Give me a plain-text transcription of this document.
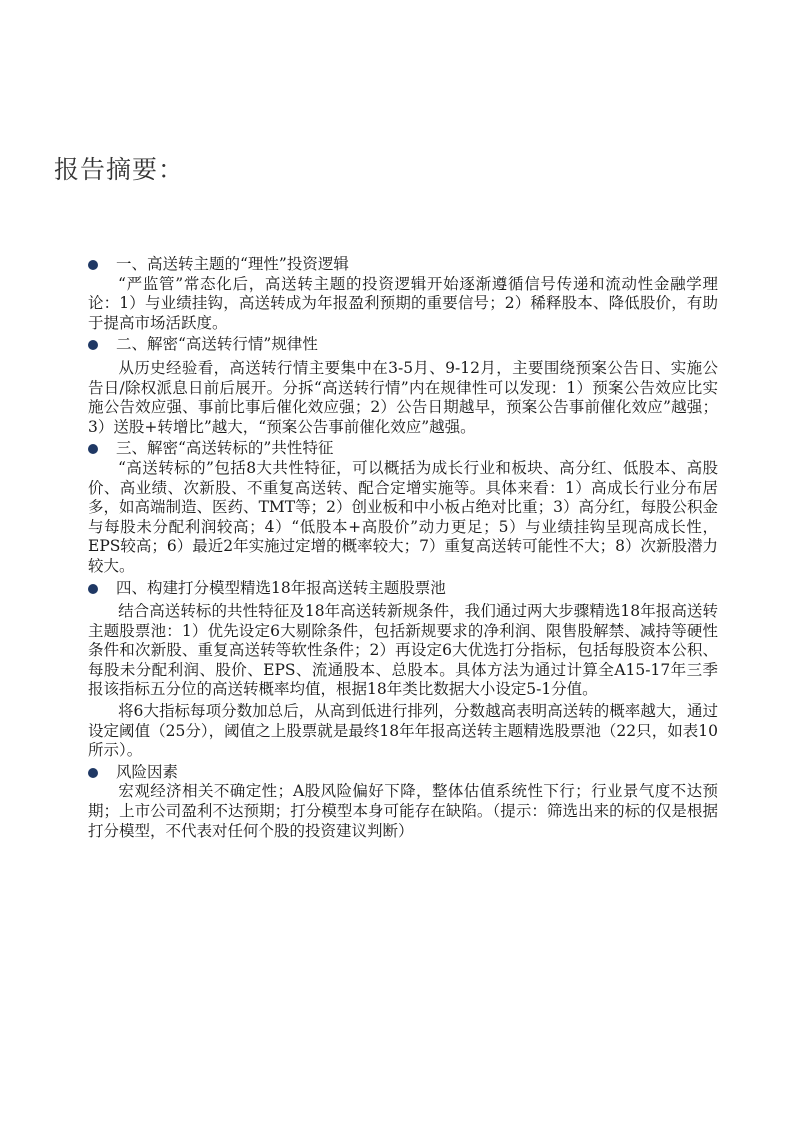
报告摘要：

一、高送转主题的“理性”投资逻辑

“严监管”常态化后，高送转主题的投资逻辑开始逐渐遵循信号传递和流动性金融学理论：1）与业绩挂钩，高送转成为年报盈利预期的重要信号；2）稀释股本、降低股价，有助于提高市场活跃度。

二、解密“高送转行情”规律性

从历史经验看，高送转行情主要集中在3-5月、9-12月，主要围绕预案公告日、实施公告日/除权派息日前后展开。分拆“高送转行情”内在规律性可以发现：1）预案公告效应比实施公告效应强、事前比事后催化效应强；2）公告日期越早，预案公告事前催化效应”越强；3）送股+转增比”越大，“预案公告事前催化效应”越强。

三、解密“高送转标的”共性特征

“高送转标的”包括8大共性特征，可以概括为成长行业和板块、高分红、低股本、高股价、高业绩、次新股、不重复高送转、配合定增实施等。具体来看：1）高成长行业分布居多，如高端制造、医药、TMT等；2）创业板和中小板占绝对比重；3）高分红，每股公积金与每股未分配利润较高；4）“低股本+高股价”动力更足；5）与业绩挂钩呈现高成长性，EPS较高；6）最近2年实施过定增的概率较大；7）重复高送转可能性不大；8）次新股潜力较大。

四、构建打分模型精选18年报高送转主题股票池

结合高送转标的共性特征及18年高送转新规条件，我们通过两大步骤精选18年报高送转主题股票池：1）优先设定6大剔除条件，包括新规要求的净利润、限售股解禁、减持等硬性条件和次新股、重复高送转等软性条件；2）再设定6大优选打分指标，包括每股资本公积、每股未分配利润、股价、EPS、流通股本、总股本。具体方法为通过计算全A15-17年三季报该指标五分位的高送转概率均值，根据18年类比数据大小设定5-1分值。

将6大指标每项分数加总后，从高到低进行排列，分数越高表明高送转的概率越大，通过设定阈值（25分），阈值之上股票就是最终18年年报高送转主题精选股票池（22只，如表10所示）。

风险因素

宏观经济相关不确定性；A股风险偏好下降，整体估值系统性下行；行业景气度不达预期；上市公司盈利不达预期；打分模型本身可能存在缺陷。（提示：筛选出来的标的仅是根据打分模型，不代表对任何个股的投资建议判断）
